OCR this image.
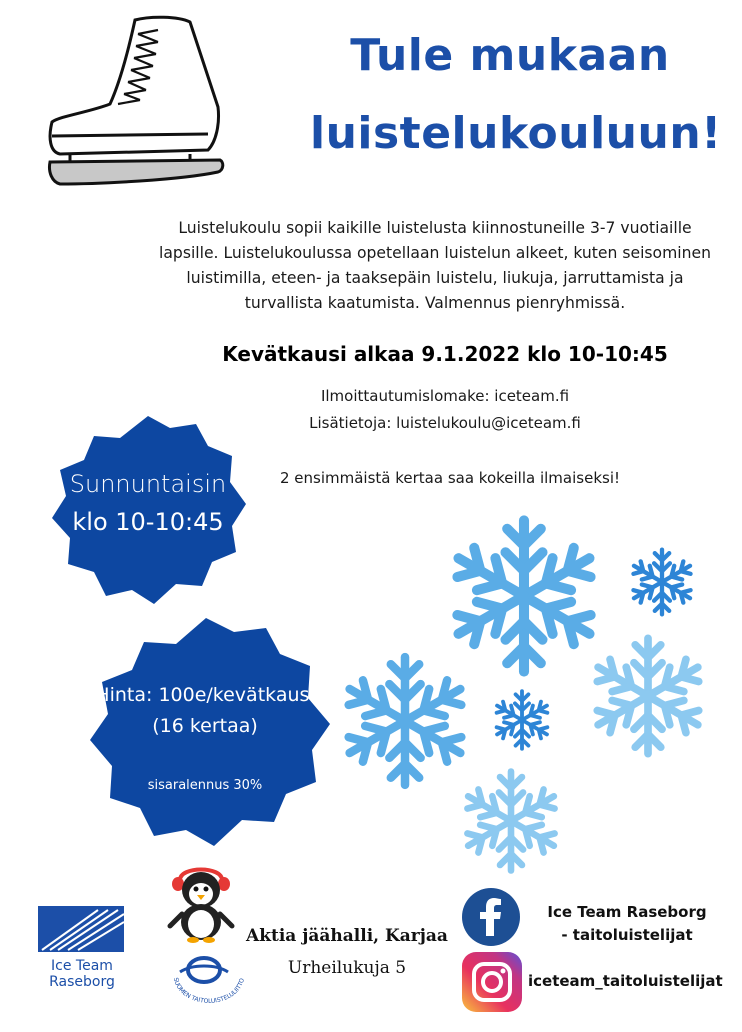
Tule mukaan
luistelukouluun!
Luistelukoulu sopii kaikille luistelusta kiinnostuneille 3-7 vuotiaille lapsille. Luistelukoulussa opetellaan luistelun alkeet, kuten seisominen luistimilla, eteen- ja taaksepäin luistelu, liukuja, jarruttamista ja turvallista kaatumista. Valmennus pienryhmissä.
Kevätkausi alkaa 9.1.2022 klo 10-10:45
Ilmoittautumislomake: iceteam.fi
Lisätietoja: luistelukoulu@iceteam.fi
2 ensimmäistä kertaa saa kokeilla ilmaiseksi!
Sunnuntaisin
klo 10-10:45
Hinta: 100e/kevätkausi
(16 kertaa)
sisaralennus 30%
Ice Team Raseborg	SUOMEN TAITOLUISTELULIITTO
Aktia jäähalli, Karjaa
Urheilukuja 5
Ice Team Raseborg
- taitoluistelijat
iceteam_taitoluistelijat
